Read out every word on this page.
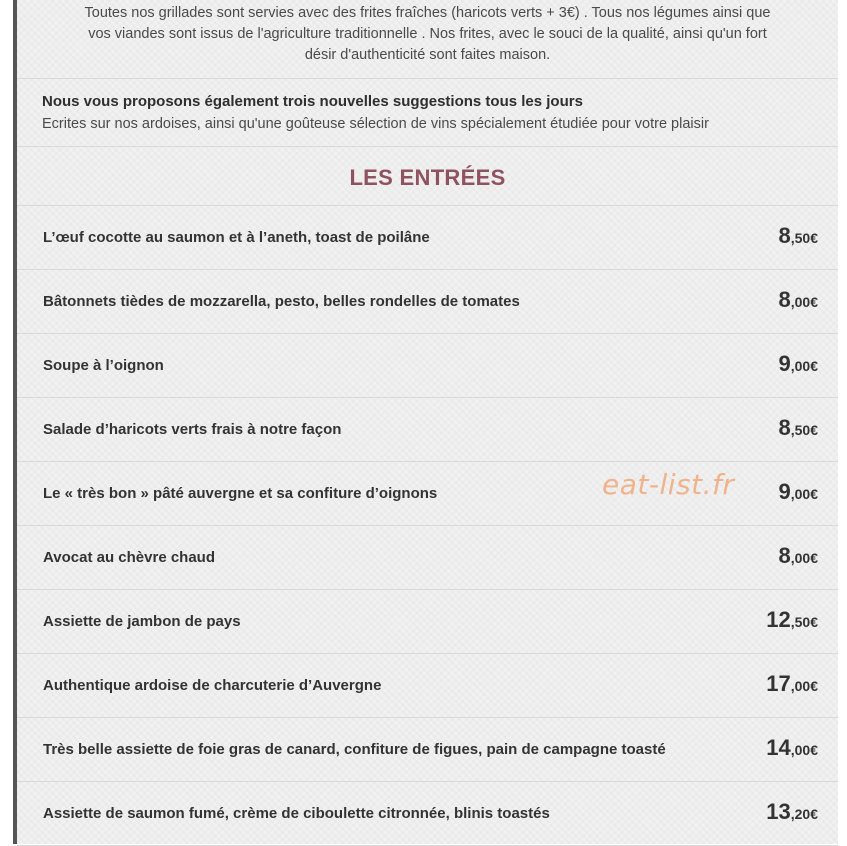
Toutes nos grillades sont servies avec des frites fraîches (haricots verts + 3€) . Tous nos légumes ainsi que
vos viandes sont issus de l'agriculture traditionnelle . Nos frites, avec le souci de la qualité, ainsi qu'un fort
désir d'authenticité sont faites maison.

Nous vous proposons également trois nouvelles suggestions tous les jours
Ecrites sur nos ardoises, ainsi qu'une goûteuse sélection de vins spécialement étudiée pour votre plaisir
LES ENTRÉES
L’œuf cocotte au saumon et à l’aneth, toast de poilâne	8,50€
Bâtonnets tièdes de mozzarella, pesto, belles rondelles de tomates	8,00€
Soupe à l’oignon	9,00€
Salade d’haricots verts frais à notre façon	8,50€
Le « très bon » pâté auvergne et sa confiture d’oignons	9,00€
Avocat au chèvre chaud	8,00€
Assiette de jambon de pays	12,50€
Authentique ardoise de charcuterie d’Auvergne	17,00€
Très belle assiette de foie gras de canard, confiture de figues, pain de campagne toasté	14,00€
Assiette de saumon fumé, crème de ciboulette citronnée, blinis toastés	13,20€
eat-list.fr
